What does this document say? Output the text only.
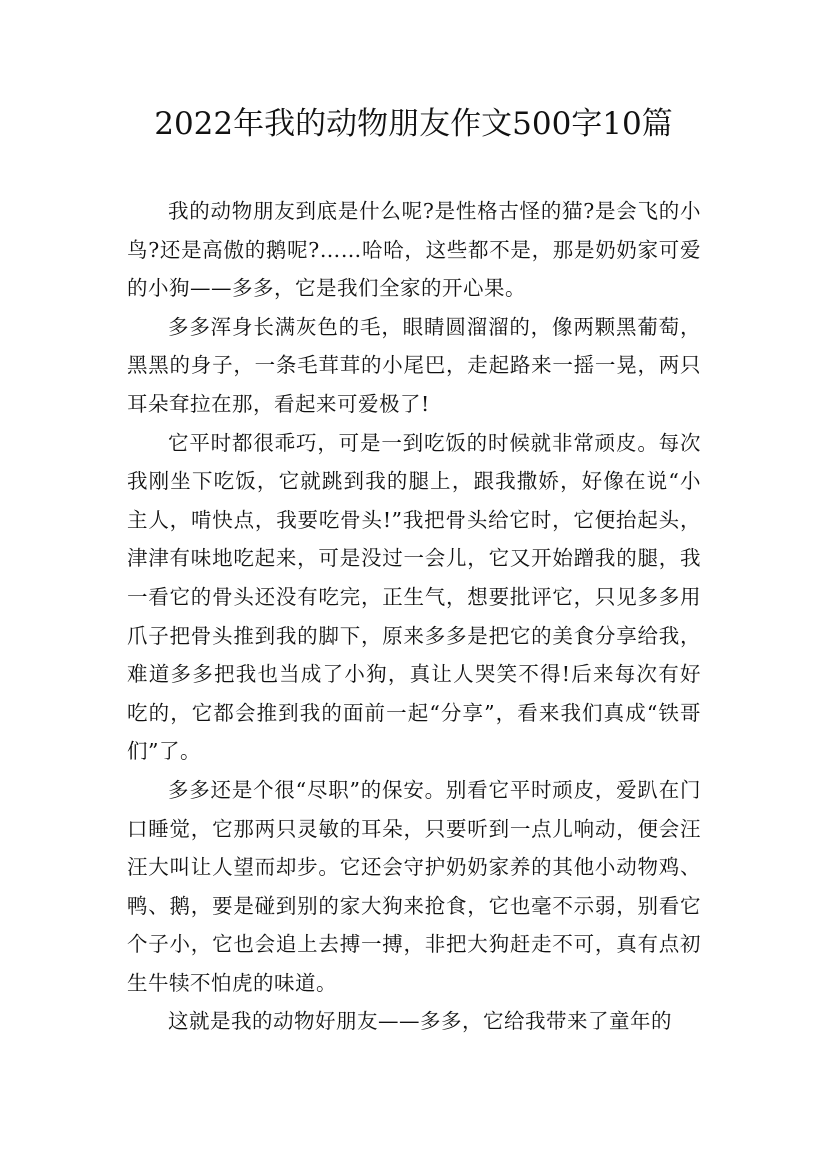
2022年我的动物朋友作文500字10篇

我的动物朋友到底是什么呢?是性格古怪的猫?是会飞的小鸟?还是高傲的鹅呢?……哈哈，这些都不是，那是奶奶家可爱的小狗——多多，它是我们全家的开心果。

多多浑身长满灰色的毛，眼睛圆溜溜的，像两颗黑葡萄，黑黑的身子，一条毛茸茸的小尾巴，走起路来一摇一晃，两只耳朵耷拉在那，看起来可爱极了!

它平时都很乖巧，可是一到吃饭的时候就非常顽皮。每次我刚坐下吃饭，它就跳到我的腿上，跟我撒娇，好像在说“小主人，啃快点，我要吃骨头!”我把骨头给它时，它便抬起头，津津有味地吃起来，可是没过一会儿，它又开始蹭我的腿，我一看它的骨头还没有吃完，正生气，想要批评它，只见多多用爪子把骨头推到我的脚下，原来多多是把它的美食分享给我，难道多多把我也当成了小狗，真让人哭笑不得!后来每次有好吃的，它都会推到我的面前一起“分享”，看来我们真成“铁哥们”了。

多多还是个很“尽职”的保安。别看它平时顽皮，爱趴在门口睡觉，它那两只灵敏的耳朵，只要听到一点儿响动，便会汪汪大叫让人望而却步。它还会守护奶奶家养的其他小动物鸡、鸭、鹅，要是碰到别的家大狗来抢食，它也毫不示弱，别看它个子小，它也会追上去搏一搏，非把大狗赶走不可，真有点初生牛犊不怕虎的味道。

这就是我的动物好朋友——多多，它给我带来了童年的
